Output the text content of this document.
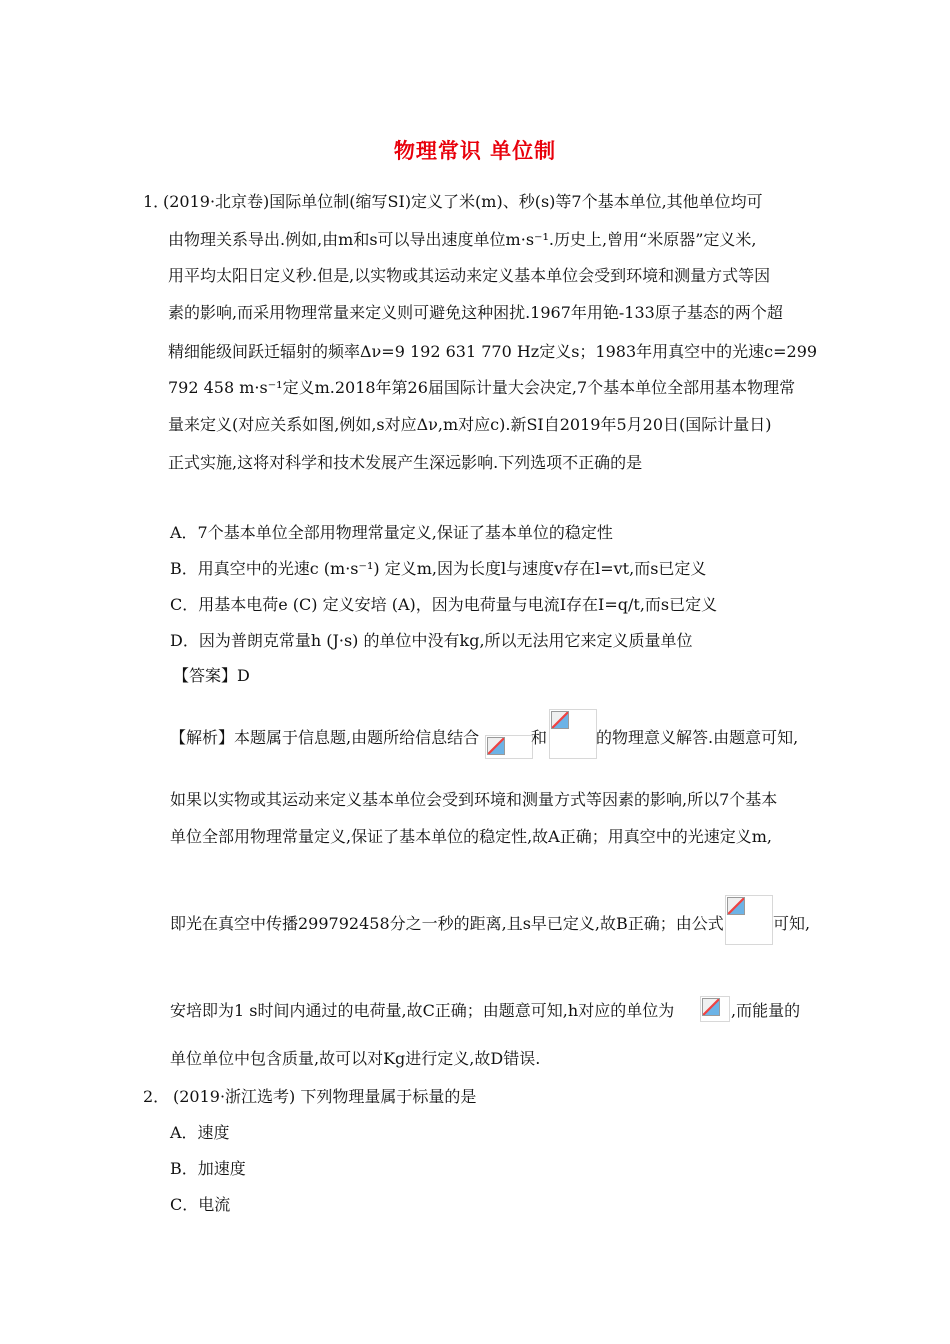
物理常识 单位制
1．
(2019·北京卷)国际单位制(缩写SI)定义了米(m)、秒(s)等7个基本单位,其他单位均可
由物理关系导出.例如,由m和s可以导出速度单位m·s⁻¹.历史上,曾用“米原器”定义米,
用平均太阳日定义秒.但是,以实物或其运动来定义基本单位会受到环境和测量方式等因
素的影响,而采用物理常量来定义则可避免这种困扰.1967年用铯-133原子基态的两个超
精细能级间跃迁辐射的频率Δν=9 192 631 770 Hz定义s；1983年用真空中的光速c=299
792 458 m·s⁻¹定义m.2018年第26届国际计量大会决定,7个基本单位全部用基本物理常
量来定义(对应关系如图,例如,s对应Δν,m对应c).新SI自2019年5月20日(国际计量日)
正式实施,这将对科学和技术发展产生深远影响.下列选项不正确的是
A．7个基本单位全部用物理常量定义,保证了基本单位的稳定性
B．用真空中的光速c (m·s⁻¹) 定义m,因为长度l与速度v存在l=vt,而s已定义
C．用基本电荷e (C) 定义安培 (A)，因为电荷量与电流I存在I=q/t,而s已定义
D．因为普朗克常量h (J·s) 的单位中没有kg,所以无法用它来定义质量单位
【答案】D
【解析】本题属于信息题,由题所给信息结合	和	的物理意义解答.由题意可知,
如果以实物或其运动来定义基本单位会受到环境和测量方式等因素的影响,所以7个基本
单位全部用物理常量定义,保证了基本单位的稳定性,故A正确；用真空中的光速定义m,
即光在真空中传播299792458分之一秒的距离,且s早已定义,故B正确；由公式	可知,
安培即为1 s时间内通过的电荷量,故C正确；由题意可知,h对应的单位为	,而能量的
单位单位中包含质量,故可以对Kg进行定义,故D错误.
2． (2019·浙江选考) 下列物理量属于标量的是
A．速度
B．加速度
C．电流
